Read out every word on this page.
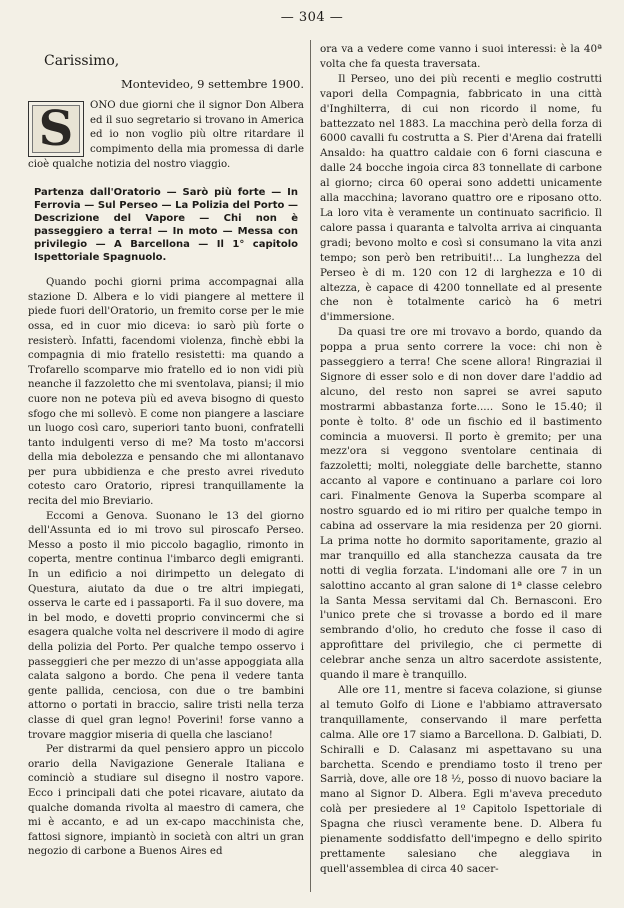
— 304 —

Carissimo,

Montevideo, 9 settembre 1900.

S	ONO due giorni che il signor Don Albera ed il suo segretario si trovano in America ed io non voglio più oltre ritardare il compimento della mia promessa di darle cioè qualche notizia del nostro viaggio.

Partenza dall'Oratorio — Sarò più forte — In Ferrovia — Sul Perseo — La Polizia del Porto — Descrizione del Vapore — Chi non è passeggiero a terra! — In moto — Messa con privilegio — A Barcellona — Il 1° capitolo Ispettoriale Spagnuolo.

Quando pochi giorni prima accompagnai alla stazione D. Albera e lo vidi piangere al mettere il piede fuori dell'Oratorio, un fremito corse per le mie ossa, ed in cuor mio diceva: io sarò più forte o resisterò. Infatti, facendomi violenza, finchè ebbi la compagnia di mio fratello resistetti: ma quando a Trofarello scomparve mio fratello ed io non vidi più neanche il fazzoletto che mi sventolava, piansi; il mio cuore non ne poteva più ed aveva bisogno di questo sfogo che mi sollevò. E come non piangere a lasciare un luogo così caro, superiori tanto buoni, confratelli tanto indulgenti verso di me? Ma tosto m'accorsi della mia debolezza e pensando che mi allontanavo per pura ubbidienza e che presto avrei riveduto cotesto caro Oratorio, ripresi tranquillamente la recita del mio Breviario.

Eccomi a Genova. Suonano le 13 del giorno dell'Assunta ed io mi trovo sul piroscafo Perseo. Messo a posto il mio piccolo bagaglio, rimonto in coperta, mentre continua l'imbarco degli emigranti. In un edificio a noi dirimpetto un delegato di Questura, aiutato da due o tre altri impiegati, osserva le carte ed i passaporti. Fa il suo dovere, ma in bel modo, e dovetti proprio convincermi che si esagera qualche volta nel descrivere il modo di agire della polizia del Porto. Per qualche tempo osservo i passeggieri che per mezzo di un'asse appoggiata alla calata salgono a bordo. Che pena il vedere tanta gente pallida, cenciosa, con due o tre bambini attorno o portati in braccio, salire tristi nella terza classe di quel gran legno! Poverini! forse vanno a trovare maggior miseria di quella che lasciano!

Per distrarmi da quel pensiero appro un piccolo orario della Navigazione Generale Italiana e cominciò a studiare sul disegno il nostro vapore. Ecco i principali dati che potei ricavare, aiutato da qualche domanda rivolta al maestro di camera, che mi è accanto, e ad un ex-capo macchinista che, fattosi signore, impiantò in società con altri un gran negozio di carbone a Buenos Aires ed

ora va a vedere come vanno i suoi interessi: è la 40ª volta che fa questa traversata.

Il Perseo, uno dei più recenti e meglio costrutti vapori della Compagnia, fabbricato in una città d'Inghilterra, di cui non ricordo il nome, fu battezzato nel 1883. La macchina però della forza di 6000 cavalli fu costrutta a S. Pier d'Arena dai fratelli Ansaldo: ha quattro caldaie con 6 forni ciascuna e dalle 24 bocche ingoia circa 83 tonnellate di carbone al giorno; circa 60 operai sono addetti unicamente alla macchina; lavorano quattro ore e riposano otto. La loro vita è veramente un continuato sacrificio. Il calore passa i quaranta e talvolta arriva ai cinquanta gradi; bevono molto e così si consumano la vita anzi tempo; son però ben retribuiti!... La lunghezza del Perseo è di m. 120 con 12 di larghezza e 10 di altezza, è capace di 4200 tonnellate ed al presente che non è totalmente caricò ha 6 metri d'immersione.

Da quasi tre ore mi trovavo a bordo, quando da poppa a prua sento correre la voce: chi non è passeggiero a terra! Che scene allora! Ringraziai il Signore di esser solo e di non dover dare l'addio ad alcuno, del resto non saprei se avrei saputo mostrarmi abbastanza forte..... Sono le 15.40; il ponte è tolto. 8' ode un fischio ed il bastimento comincia a muoversi. Il porto è gremito; per una mezz'ora si veggono sventolare centinaia di fazzoletti; molti, noleggiate delle barchette, stanno accanto al vapore e continuano a parlare coi loro cari. Finalmente Genova la Superba scompare al nostro sguardo ed io mi ritiro per qualche tempo in cabina ad osservare la mia residenza per 20 giorni. La prima notte ho dormito saporitamente, grazio al mar tranquillo ed alla stanchezza causata da tre notti di veglia forzata. L'indomani alle ore 7 in un salottino accanto al gran salone di 1ª classe celebro la Santa Messa servitami dal Ch. Bernasconi. Ero l'unico prete che si trovasse a bordo ed il mare sembrando d'olio, ho creduto che fosse il caso di approfittare del privilegio, che ci permette di celebrar anche senza un altro sacerdote assistente, quando il mare è tranquillo.

Alle ore 11, mentre si faceva colazione, si giunse al temuto Golfo di Lione e l'abbiamo attraversato tranquillamente, conservando il mare perfetta calma. Alle ore 17 siamo a Barcellona. D. Galbiati, D. Schiralli e D. Calasanz mi aspettavano su una barchetta. Scendo e prendiamo tosto il treno per Sarrià, dove, alle ore 18 ½, posso di nuovo baciare la mano al Signor D. Albera. Egli m'aveva preceduto colà per presiedere al 1º Capitolo Ispettoriale di Spagna che riuscì veramente bene. D. Albera fu pienamente soddisfatto dell'impegno e dello spirito prettamente salesiano che aleggiava in quell'assemblea di circa 40 sacer-
